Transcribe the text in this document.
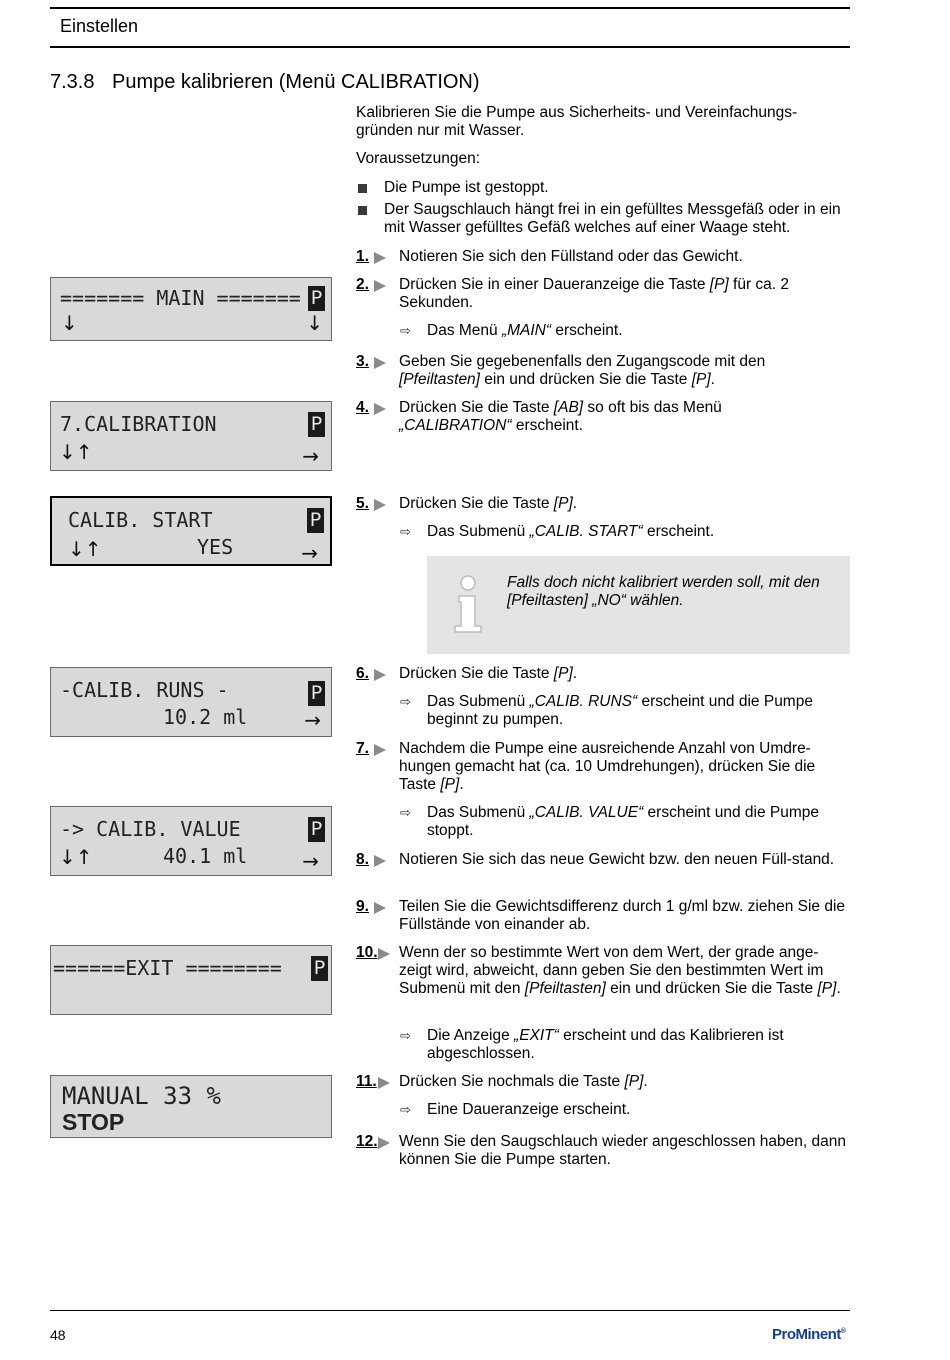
Einstellen
7.3.8 Pumpe kalibrieren (Menü CALIBRATION)
Kalibrieren Sie die Pumpe aus Sicherheits- und Vereinfachungs-
gründen nur mit Wasser.
Voraussetzungen:
Die Pumpe ist gestoppt.
Der Saugschlauch hängt frei in ein gefülltes Messgefäß oder in ein mit Wasser gefülltes Gefäß welches auf einer Waage steht.
======= MAIN ======= P
↓	↓
7.CALIBRATION	P
↓↑	→
CALIB. START	P
↓↑	YES	→
-CALIB. RUNS -	P
10.2 ml	→
-> CALIB. VALUE	P
↓↑	40.1 ml	→
======EXIT ======== P
MANUAL 33 %
STOP
1. Notieren Sie sich den Füllstand oder das Gewicht.
2. Drücken Sie in einer Daueranzeige die Taste [P] für ca. 2 Sekunden.
⇨ Das Menü „MAIN“ erscheint.
3. Geben Sie gegebenenfalls den Zugangscode mit den [Pfeiltasten] ein und drücken Sie die Taste [P].
4. Drücken Sie die Taste [AB] so oft bis das Menü
„CALIBRATION“ erscheint.
5. Drücken Sie die Taste [P].
⇨ Das Submenü „CALIB. START“ erscheint.
Falls doch nicht kalibriert werden soll, mit den [Pfeiltasten] „NO“ wählen.
6. Drücken Sie die Taste [P].
⇨ Das Submenü „CALIB. RUNS“ erscheint und die Pumpe beginnt zu pumpen.
7. Nachdem die Pumpe eine ausreichende Anzahl von Umdre-hungen gemacht hat (ca. 10 Umdrehungen), drücken Sie die Taste [P].
⇨ Das Submenü „CALIB. VALUE“ erscheint und die Pumpe stoppt.
8. Notieren Sie sich das neue Gewicht bzw. den neuen Füll-stand.
9. Teilen Sie die Gewichtsdifferenz durch 1 g/ml bzw. ziehen Sie die Füllstände von einander ab.
10. Wenn der so bestimmte Wert von dem Wert, der grade ange-zeigt wird, abweicht, dann geben Sie den bestimmten Wert im Submenü mit den [Pfeiltasten] ein und drücken Sie die Taste [P].
⇨ Die Anzeige „EXIT“ erscheint und das Kalibrieren ist abgeschlossen.
11. Drücken Sie nochmals die Taste [P].
⇨ Eine Daueranzeige erscheint.
12. Wenn Sie den Saugschlauch wieder angeschlossen haben, dann können Sie die Pumpe starten.
48	ProMinent®
